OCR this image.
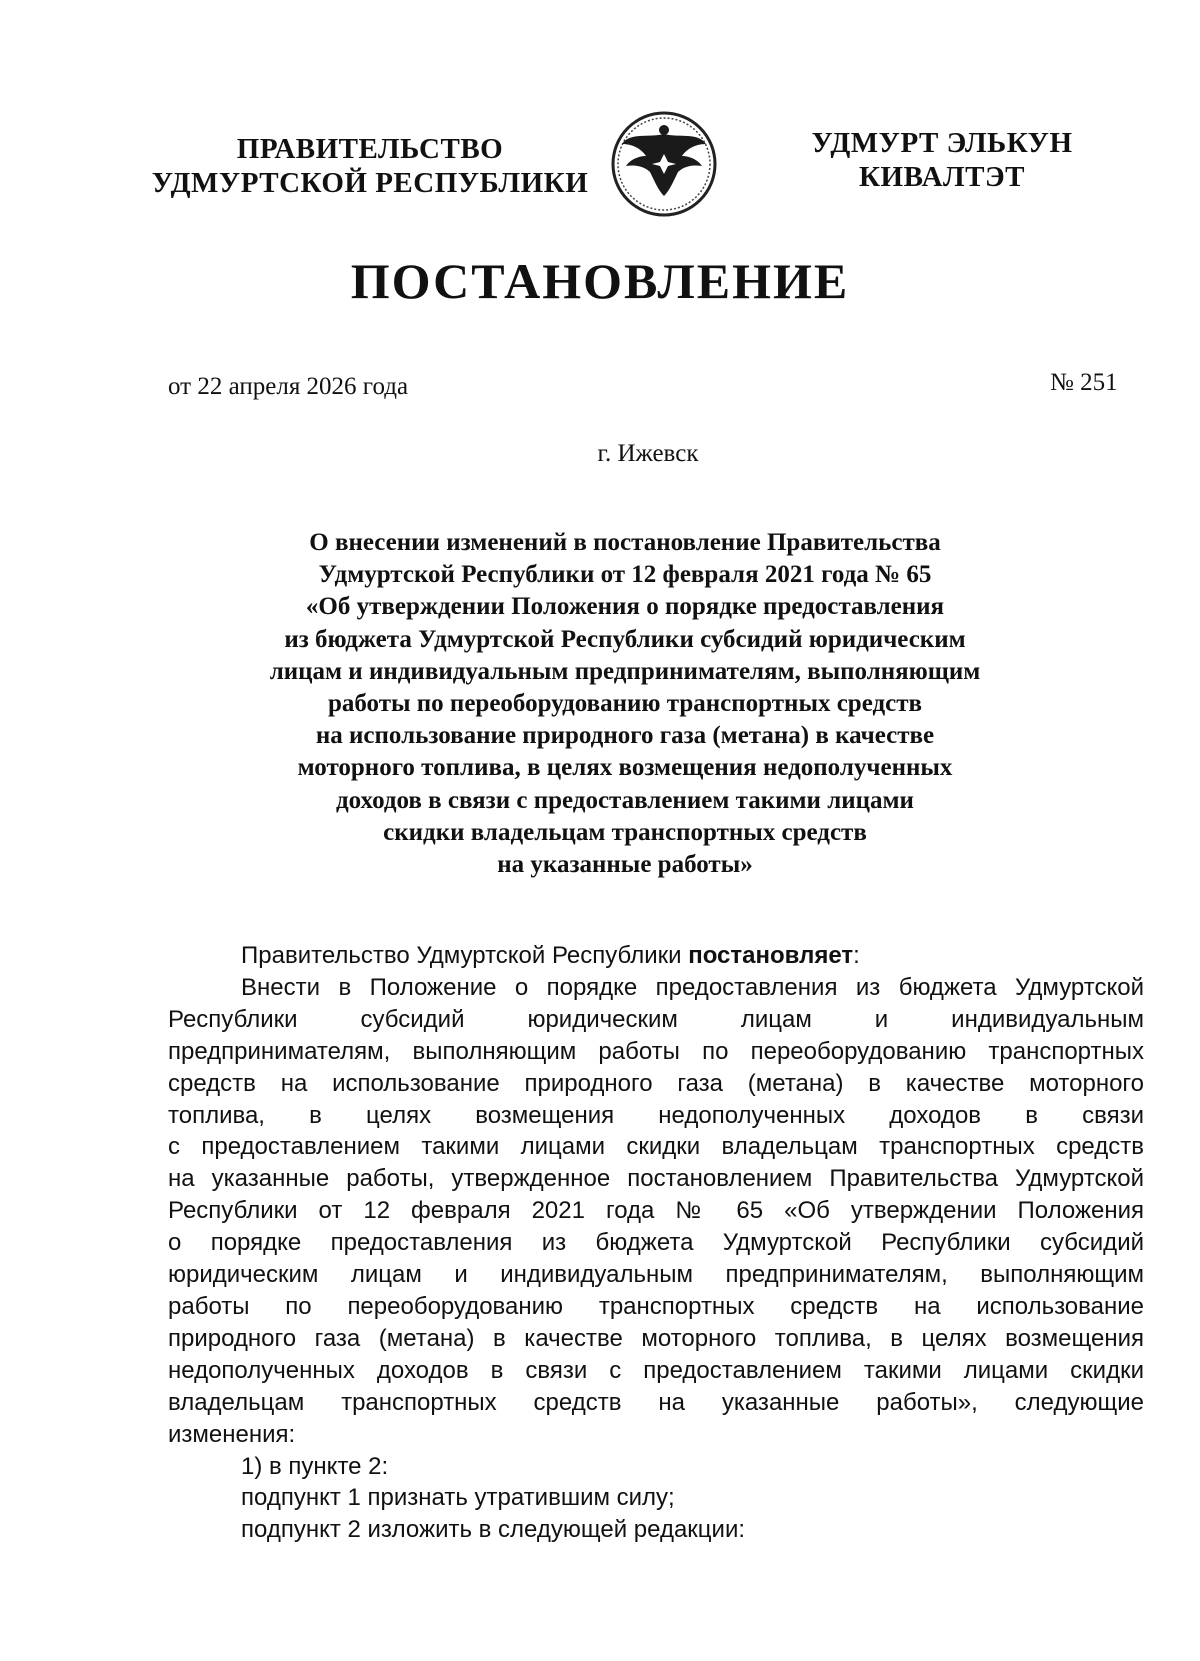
ПРАВИТЕЛЬСТВО
УДМУРТСКОЙ РЕСПУБЛИКИ
УДМУРТ ЭЛЬКУН
КИВАЛТЭТ
ПОСТАНОВЛЕНИЕ
от 22 апреля 2026 года	№ 251
г. Ижевск
О внесении изменений в постановление Правительства
Удмуртской Республики от 12 февраля 2021 года № 65
«Об утверждении Положения о порядке предоставления
из бюджета Удмуртской Республики субсидий юридическим
лицам и индивидуальным предпринимателям, выполняющим
работы по переоборудованию транспортных средств
на использование природного газа (метана) в качестве
моторного топлива, в целях возмещения недополученных
доходов в связи с предоставлением такими лицами
скидки владельцам транспортных средств
на указанные работы»
Правительство Удмуртской Республики постановляет:
Внести в Положение о порядке предоставления из бюджета Удмуртской
Республики субсидий юридическим лицам и индивидуальным
предпринимателям, выполняющим работы по переоборудованию транспортных
средств на использование природного газа (метана) в качестве моторного
топлива, в целях возмещения недополученных доходов в связи
с предоставлением такими лицами скидки владельцам транспортных средств
на указанные работы, утвержденное постановлением Правительства Удмуртской
Республики от 12 февраля 2021 года № 65 «Об утверждении Положения
о порядке предоставления из бюджета Удмуртской Республики субсидий
юридическим лицам и индивидуальным предпринимателям, выполняющим
работы по переоборудованию транспортных средств на использование
природного газа (метана) в качестве моторного топлива, в целях возмещения
недополученных доходов в связи с предоставлением такими лицами скидки
владельцам транспортных средств на указанные работы», следующие
изменения:
1) в пункте 2:
подпункт 1 признать утратившим силу;
подпункт 2 изложить в следующей редакции:
